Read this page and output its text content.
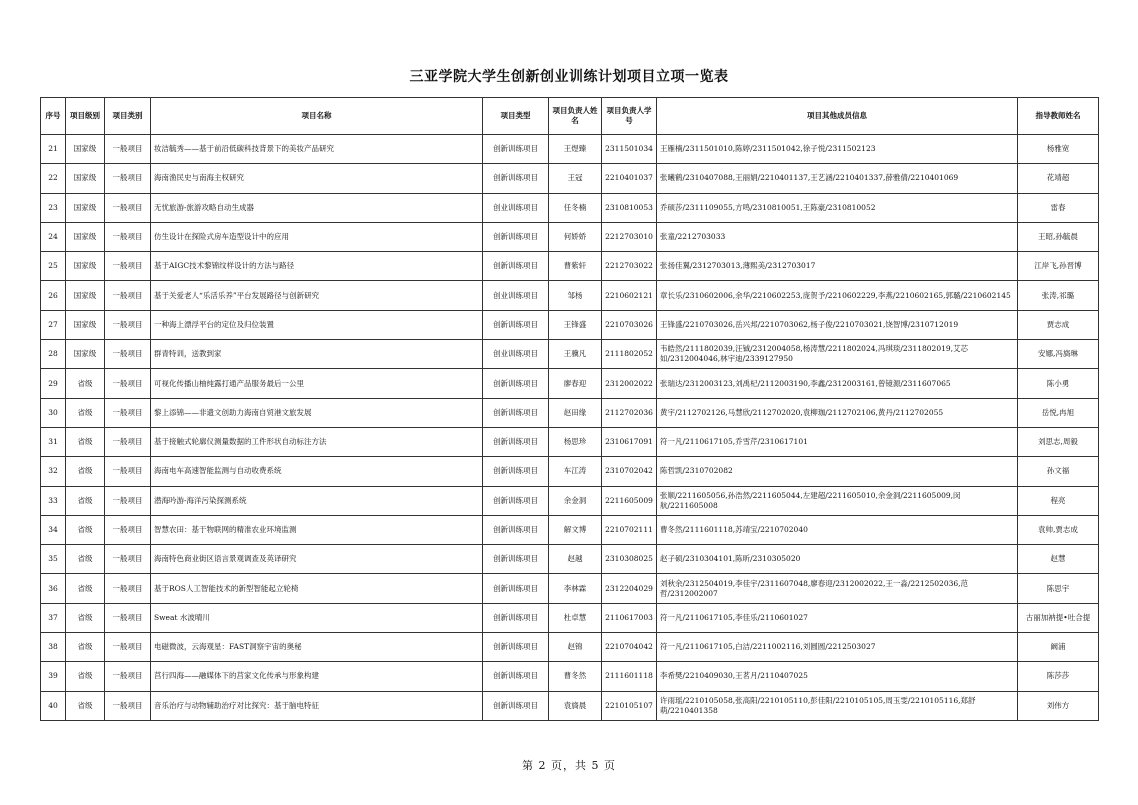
三亚学院大学生创新创业训练计划项目立项一览表
序号	项目级别	项目类别	项目名称	项目类型	项目负责人姓名	项目负责人学号	项目其他成员信息	指导教师姓名
21	国家级	一般项目	妆洁毓秀——基于前沿低碳科技背景下的美妆产品研究	创新训练项目	王煜臻	2311501034	王雁楠/2311501010,陈婷/2311501042,徐子悦/2311502123	杨雅宽
22	国家级	一般项目	海南渔民史与南海主权研究	创新训练项目	王冠	2210401037	张曦鹤/2310407088,王丽娟/2210401137,王艺涵/2210401337,薛雅倩/2210401069	花靖超
23	国家级	一般项目	无忧旅游-旅游攻略自动生成器	创业训练项目	任冬楠	2310810053	乔硕莎/2311109055,方鸣/2310810051,王陈豪/2310810052	雷春
24	国家级	一般项目	仿生设计在探险式房车造型设计中的应用	创新训练项目	何娇娇	2212703010	张童/2212703033	王昭,孙毓晨
25	国家级	一般项目	基于AIGC技术黎锦纹样设计的方法与路径	创新训练项目	曹紫轩	2212703022	张扬佳翼/2312703013,薄熙美/2312703017	江岸飞,孙晋博
26	国家级	一般项目	基于关爱老人“乐活乐养”平台发展路径与创新研究	创业训练项目	邹杨	2210602121	章长乐/2310602006,余华/2210602253,庞贺予/2210602229,李燕/2210602165,郭璐/2210602145	张涛,祁璐
27	国家级	一般项目	一种海上漂浮平台的定位及归位装置	创新训练项目	王锋盛	2210703026	王锋盛/2210703026,岳兴邦/2210703062,杨子俊/2210703021,饶智博/2310712019	贾志成
28	国家级	一般项目	群青特训，送教到家	创业训练项目	王骥凡	2111802052	韦皓然/2111802039,汪铖/2312004058,杨涛慧/2211802024,冯琪琰/2311802019,艾芯如/2312004046,林宇迪/2339127950	安娜,冯旖琳
29	省级	一般项目	可视化传播山柚纯露打通产品服务最后一公里	创新训练项目	廖春迎	2312002022	张瑞达/2312003123,刘禹杞/2112003190,李鑫/2312003161,曾镜源/2311607065	陈小勇
30	省级	一般项目	黎上添锦——非遗文创助力海南自贸港文旅发展	创新训练项目	赵田缘	2112702036	黄宇/2112702126,马慧欣/2112702020,袁柳珈/2112702106,黄丹/2112702055	岳悦,冉旭
31	省级	一般项目	基于接触式轮廓仪测量数据的工件形状自动标注方法	创新训练项目	杨思珍	2310617091	符一凡/2110617105,乔雪芹/2310617101	刘思志,周毅
32	省级	一般项目	海南电车高速智能监测与自动收费系统	创新训练项目	车江涛	2310702042	陈哲凯/2310702082	孙文福
33	省级	一般项目	潜海吟游-海洋污染探测系统	创新训练项目	余金洞	2211605009	张顺/2211605056,孙浩然/2211605044,左建超/2211605010,余金洞/2211605009,闵航/2211605008	程亮
34	省级	一般项目	智慧农田：基于物联网的精准农业环境监测	创新训练项目	解文博	2210702111	曹冬然/2111601118,苏靖宝/2210702040	袁帅,贾志成
35	省级	一般项目	海南特色商业街区语言景观调查及英译研究	创新训练项目	赵越	2310308025	赵子硕/2310304101,陈昕/2310305020	赵慧
36	省级	一般项目	基于ROS人工智能技术的新型智能起立轮椅	创新训练项目	李林霖	2312204029	刘秋余/2312504019,李佳宇/2311607048,廖春迎/2312002022,王一淼/2212502036,范哲/2312002007	陈思宇
37	省级	一般项目	Sweat 水波晴川	创新训练项目	杜卓慧	2110617003	符一凡/2110617105,李佳乐/2110601027	古丽加衲提•吐合提
38	省级	一般项目	电磁微波，云海观星：FAST洞察宇宙的奥秘	创新训练项目	赵锦	2210704042	符一凡/2110617105,白洁/2211002116,刘圆圆/2212503027	阚浦
39	省级	一般项目	莒行四海——融媒体下的莒家文化传承与形象构建	创新训练项目	曹冬然	2111601118	李希樊/2210409030,王茗月/2110407025	陈莎莎
40	省级	一般项目	音乐治疗与动物辅助治疗对比探究：基于脑电特征	创新训练项目	袁旖晨	2210105107	许雨瑶/2210105058,张高阳/2210105110,彭佳阳/2210105105,周玉雯/2210105116,郑舒萌/2210401358	刘伟方
第 2 页，共 5 页
